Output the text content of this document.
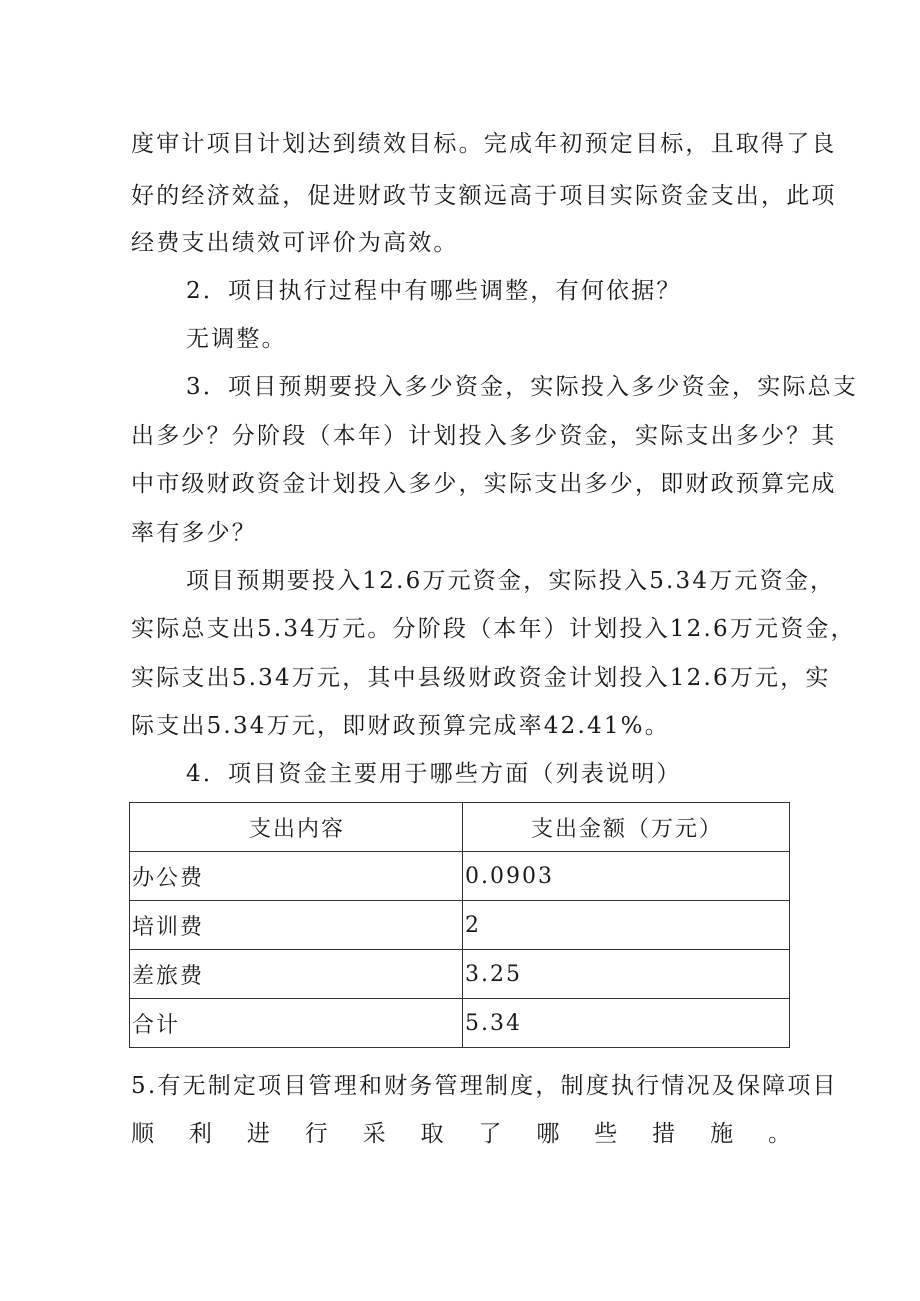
度审计项目计划达到绩效目标。完成年初预定目标，且取得了良
好的经济效益，促进财政节支额远高于项目实际资金支出，此项
经费支出绩效可评价为高效。
2．项目执行过程中有哪些调整，有何依据？
无调整。
3．项目预期要投入多少资金，实际投入多少资金，实际总支
出多少？分阶段（本年）计划投入多少资金，实际支出多少？其
中市级财政资金计划投入多少，实际支出多少，即财政预算完成
率有多少？
项目预期要投入12.6万元资金，实际投入5.34万元资金，
实际总支出5.34万元。分阶段（本年）计划投入12.6万元资金，
实际支出5.34万元，其中县级财政资金计划投入12.6万元，实
际支出5.34万元，即财政预算完成率42.41%。
4．项目资金主要用于哪些方面（列表说明）
支出内容	支出金额（万元）
办公费	0.0903
培训费	2
差旅费	3.25
合计	5.34
5.有无制定项目管理和财务管理制度，制度执行情况及保障项目
顺 利 进 行 采 取 了 哪 些 措 施 。
